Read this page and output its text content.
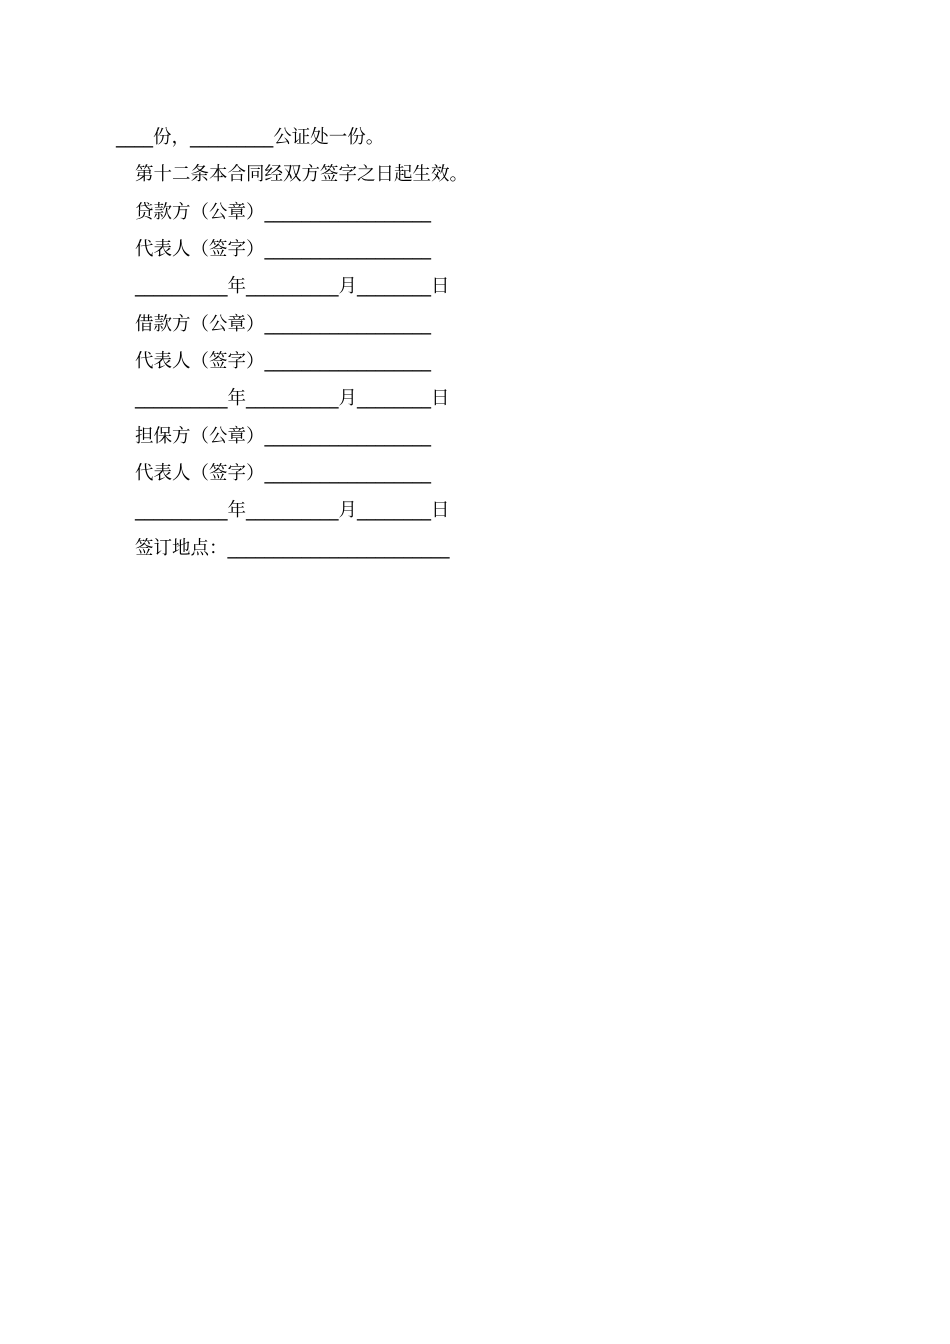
____份，_________公证处一份。
第十二条本合同经双方签字之日起生效。
贷款方（公章）__________________
代表人（签字）__________________
__________年__________月________日
借款方（公章）__________________
代表人（签字）__________________
__________年__________月________日
担保方（公章）__________________
代表人（签字）__________________
__________年__________月________日
签订地点：________________________
